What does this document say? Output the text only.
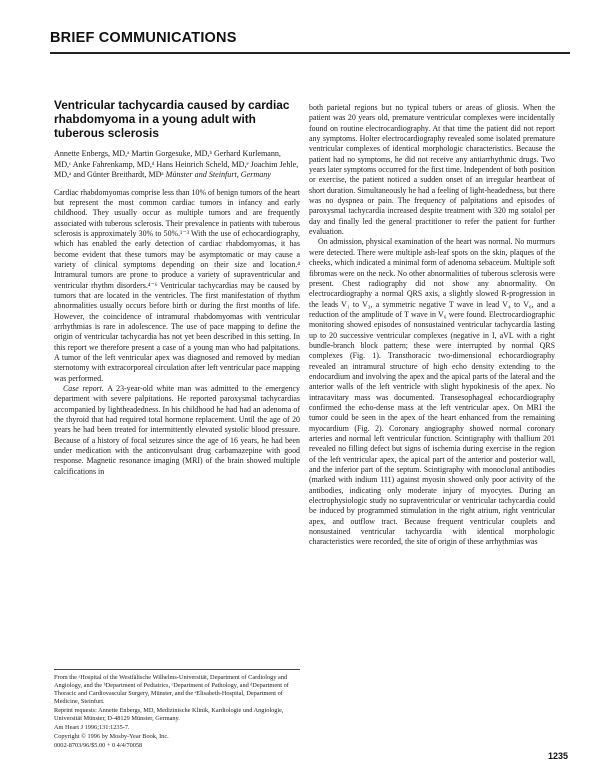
BRIEF COMMUNICATIONS
Ventricular tachycardia caused by cardiac rhabdomyoma in a young adult with tuberous sclerosis
Annette Enbergs, MD,ᵃ Martin Gorgesuke, MD,ᵇ Gerhard Kurlemann, MD,ᶜ Anke Fahrenkamp, MD,ᵈ Hans Heinrich Scheld, MD,ᵉ Joachim Jehle, MD,ᵃ and Günter Breithardt, MDᵃ Münster and Steinfurt, Germany

Cardiac rhabdomyomas comprise less than 10% of benign tumors of the heart but represent the most common cardiac tumors in infancy and early childhood. They usually occur as multiple tumors and are frequently associated with tuberous sclerosis. Their prevalence in patients with tuberous sclerosis is approximately 30% to 50%.¹⁻³ With the use of echocardiography, which has enabled the early detection of cardiac rhabdomyomas, it has become evident that these tumors may be asymptomatic or may cause a variety of clinical symptoms depending on their size and location.⁴ Intramural tumors are prone to produce a variety of supraventricular and ventricular rhythm disorders.⁴⁻⁶ Ventricular tachycardias may be caused by tumors that are located in the ventricles. The first manifestation of rhythm abnormalities usually occurs before birth or during the first months of life. However, the coincidence of intramural rhabdomyomas with ventricular arrhythmias is rare in adolescence. The use of pace mapping to define the origin of ventricular tachycardia has not yet been described in this setting. In this report we therefore present a case of a young man who had palpitations. A tumor of the left ventricular apex was diagnosed and removed by median sternotomy with extracorporeal circulation after left ventricular pace mapping was performed.

Case report. A 23-year-old white man was admitted to the emergency department with severe palpitations. He reported paroxysmal tachycardias accompanied by lightheadedness. In his childhood he had had an adenoma of the thyroid that had required total hormone replacement. Until the age of 20 years he had been treated for intermittently elevated systolic blood pressure. Because of a history of focal seizures since the age of 16 years, he had been under medication with the anticonvulsant drug carbamazepine with good response. Magnetic resonance imaging (MRI) of the brain showed multiple calcifications in

both parietal regions but no typical tubers or areas of gliosis. When the patient was 20 years old, premature ventricular complexes were incidentally found on routine electrocardiography. At that time the patient did not report any symptoms. Holter electrocardiography revealed some isolated premature ventricular complexes of identical morphologic characteristics. Because the patient had no symptoms, he did not receive any antiarrhythmic drugs. Two years later symptoms occurred for the first time. Independent of both position or exercise, the patient noticed a sudden onset of an irregular heartbeat of short duration. Simultaneously he had a feeling of light-headedness, but there was no dyspnea or pain. The frequency of palpitations and episodes of paroxysmal tachycardia increased despite treatment with 320 mg sotalol per day and finally led the general practitioner to refer the patient for further evaluation.

On admission, physical examination of the heart was normal. No murmurs were detected. There were multiple ash-leaf spots on the skin, plaques of the cheeks, which indicated a minimal form of adenoma sebaceum. Multiple soft fibromas were on the neck. No other abnormalities of tuberous sclerosis were present. Chest radiography did not show any abnormality. On electrocardiography a normal QRS axis, a slightly slowed R-progression in the leads V₁ to V₃, a symmetric negative T wave in lead V₄ to V₆, and a reduction of the amplitude of T wave in V₆ were found. Electrocardiographic monitoring showed episodes of nonsustained ventricular tachycardia lasting up to 20 successive ventricular complexes (negative in I, aVL with a right bundle-branch block pattern; these were interrupted by normal QRS complexes (Fig. 1). Transthoracic two-dimensional echocardiography revealed an intramural structure of high echo density extending to the endocardium and involving the apex and the apical parts of the lateral and the anterior walls of the left ventricle with slight hypokinesis of the apex. No intracavitary mass was documented. Transesophageal echocardiography confirmed the echo-dense mass at the left ventricular apex. On MRI the tumor could be seen in the apex of the heart enhanced from the remaining myocardium (Fig. 2). Coronary angiography showed normal coronary arteries and normal left ventricular function. Scintigraphy with thallium 201 revealed no filling defect but signs of ischemia during exercise in the region of the left ventricular apex, the apical part of the anterior and posterior wall, and the inferior part of the septum. Scintigraphy with monoclonal antibodies (marked with indium 111) against myosin showed only poor activity of the antibodies, indicating only moderate injury of myocytes. During an electrophysiologic study no supraventricular or ventricular tachycardia could be induced by programmed stimulation in the right atrium, right ventricular apex, and outflow tract. Because frequent ventricular couplets and nonsustained ventricular tachycardia with identical morphologic characteristics were recorded, the site of origin of these arrhythmias was

From the ᵃHospital of the Westfälische Wilhelms-Universität, Department of Cardiology and Angiology, and the ᵇDepartment of Pediatrics, ᶜDepartment of Pathology, and ᵈDepartment of Thoracic and Cardiovascular Surgery, Münster, and the ᵉElisabeth-Hospital, Department of Medicine, Steinfurt.

Reprint requests: Annette Enbergs, MD, Medizinische Klinik, Kardiologie und Angiologie, Universität Münster, D-48129 Münster, Germany.

Am Heart J 1996;131:1235-7.

Copyright © 1996 by Mosby-Year Book, Inc.

0002-8703/96/$5.00 + 0 4/4/70058

1235
